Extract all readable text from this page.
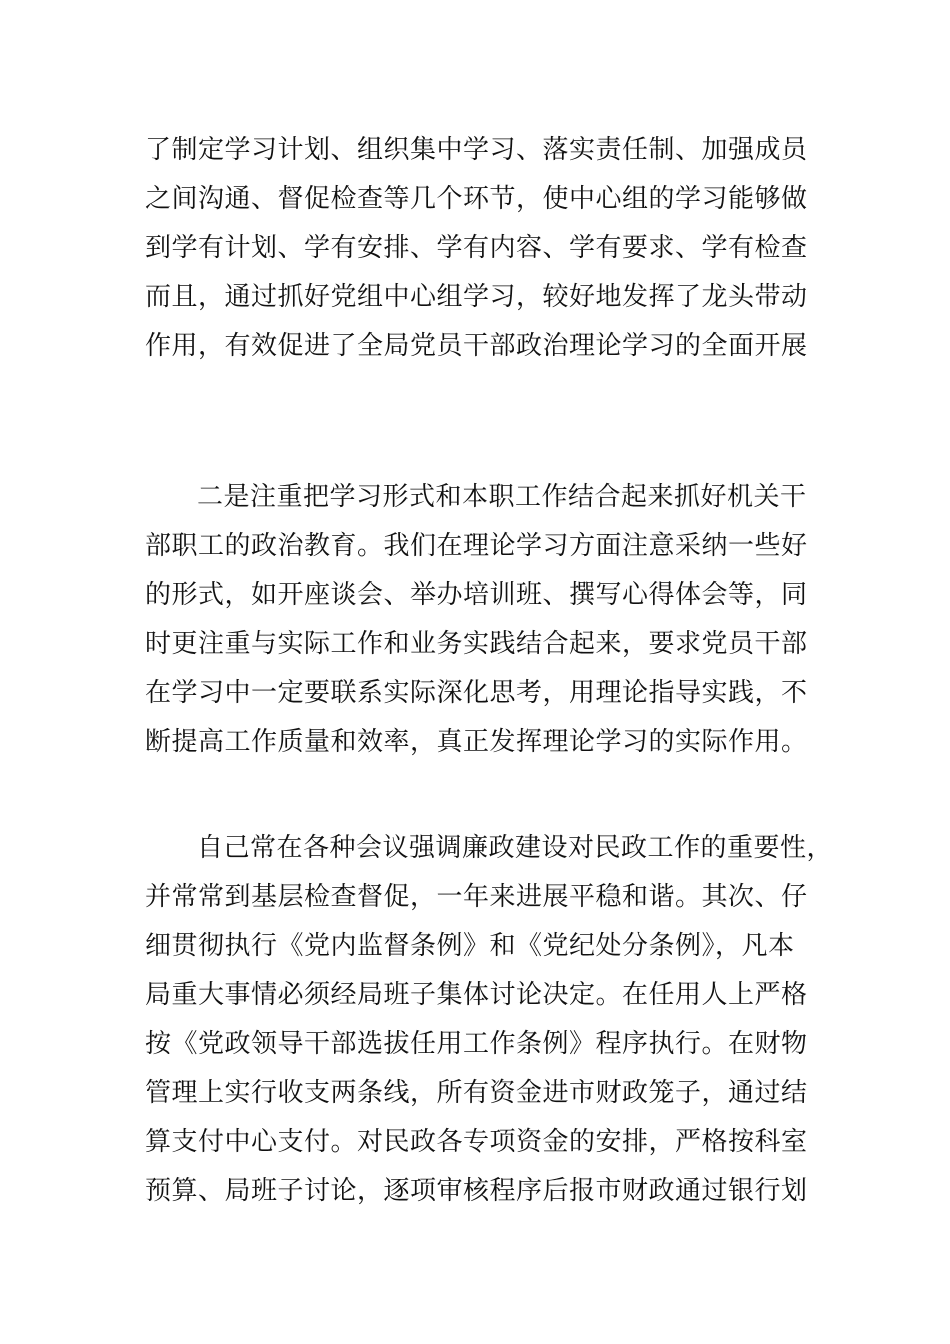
了制定学习计划、组织集中学习、落实责任制、加强成员
之间沟通、督促检查等几个环节，使中心组的学习能够做
到学有计划、学有安排、学有内容、学有要求、学有检查
而且，通过抓好党组中心组学习，较好地发挥了龙头带动
作用，有效促进了全局党员干部政治理论学习的全面开展
二是注重把学习形式和本职工作结合起来抓好机关干
部职工的政治教育。我们在理论学习方面注意采纳一些好
的形式，如开座谈会、举办培训班、撰写心得体会等，同
时更注重与实际工作和业务实践结合起来，要求党员干部
在学习中一定要联系实际深化思考，用理论指导实践，不
断提高工作质量和效率，真正发挥理论学习的实际作用。
自己常在各种会议强调廉政建设对民政工作的重要性，
并常常到基层检查督促，一年来进展平稳和谐。其次、仔
细贯彻执行《党内监督条例》和《党纪处分条例》，凡本
局重大事情必须经局班子集体讨论决定。在任用人上严格
按《党政领导干部选拔任用工作条例》程序执行。在财物
管理上实行收支两条线，所有资金进市财政笼子，通过结
算支付中心支付。对民政各专项资金的安排，严格按科室
预算、局班子讨论，逐项审核程序后报市财政通过银行划
